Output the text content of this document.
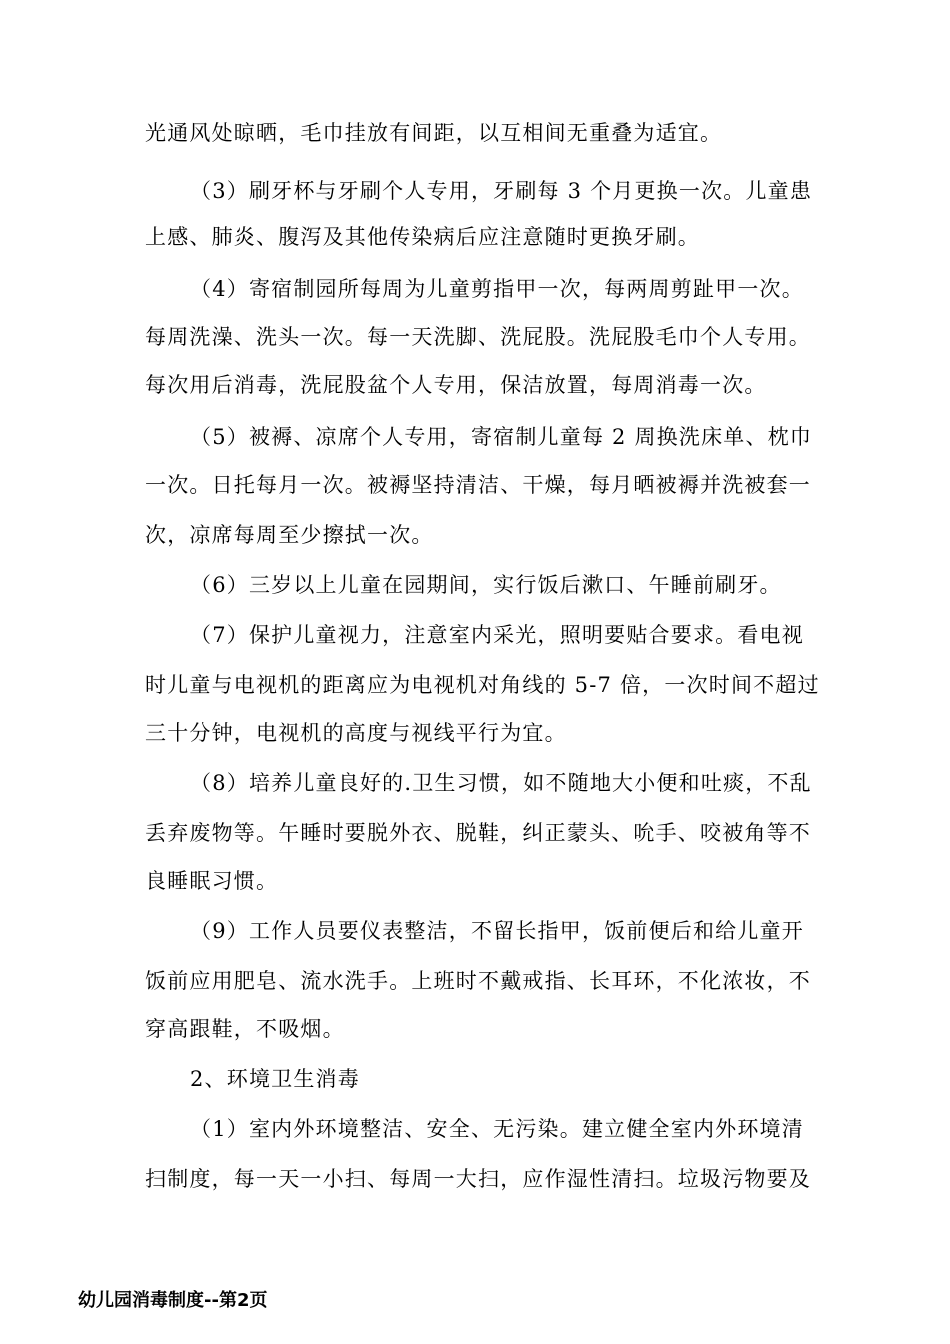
光通风处晾晒，毛巾挂放有间距，以互相间无重叠为适宜。
（3）刷牙杯与牙刷个人专用，牙刷每 3 个月更换一次。儿童患
上感、肺炎、腹泻及其他传染病后应注意随时更换牙刷。
（4）寄宿制园所每周为儿童剪指甲一次，每两周剪趾甲一次。
每周洗澡、洗头一次。每一天洗脚、洗屁股。洗屁股毛巾个人专用。
每次用后消毒，洗屁股盆个人专用，保洁放置，每周消毒一次。
（5）被褥、凉席个人专用，寄宿制儿童每 2 周换洗床单、枕巾
一次。日托每月一次。被褥坚持清洁、干燥，每月晒被褥并洗被套一
次，凉席每周至少擦拭一次。
（6）三岁以上儿童在园期间，实行饭后漱口、午睡前刷牙。
（7）保护儿童视力，注意室内采光，照明要贴合要求。看电视
时儿童与电视机的距离应为电视机对角线的 5-7 倍，一次时间不超过
三十分钟，电视机的高度与视线平行为宜。
（8）培养儿童良好的.卫生习惯，如不随地大小便和吐痰，不乱
丢弃废物等。午睡时要脱外衣、脱鞋，纠正蒙头、吮手、咬被角等不
良睡眠习惯。
（9）工作人员要仪表整洁，不留长指甲，饭前便后和给儿童开
饭前应用肥皂、流水洗手。上班时不戴戒指、长耳环，不化浓妆，不
穿高跟鞋，不吸烟。
2、环境卫生消毒
（1）室内外环境整洁、安全、无污染。建立健全室内外环境清
扫制度，每一天一小扫、每周一大扫，应作湿性清扫。垃圾污物要及
幼儿园消毒制度--第2页
